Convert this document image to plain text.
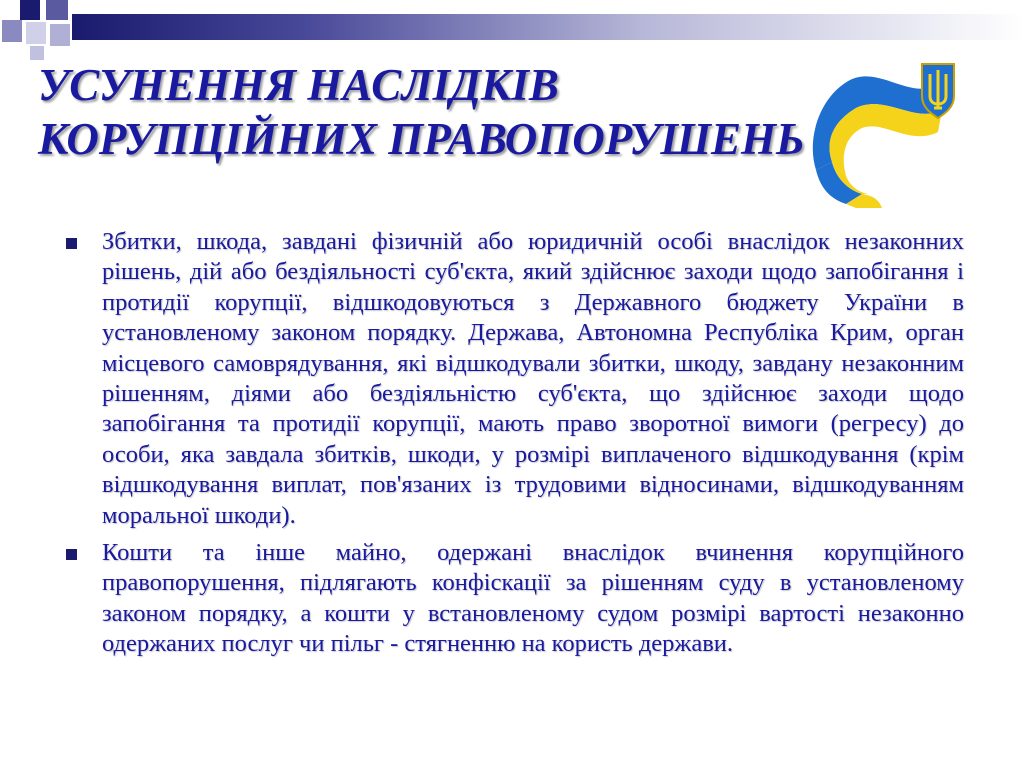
УСУНЕННЯ НАСЛІДКІВ
КОРУПЦІЙНИХ ПРАВОПОРУШЕНЬ
Збитки, шкода, завдані фізичній або юридичній особі внаслідок незаконних рішень, дій або бездіяльності суб'єкта, який здійснює заходи щодо запобігання і протидії корупції, відшкодовуються з Державного бюджету України в установленому законом порядку. Держава, Автономна Республіка Крим, орган місцевого самоврядування, які відшкодували збитки, шкоду, завдану незаконним рішенням, діями або бездіяльністю суб'єкта, що здійснює заходи щодо запобігання та протидії корупції, мають право зворотної вимоги (регресу) до особи, яка завдала збитків, шкоди, у розмірі виплаченого відшкодування (крім відшкодування виплат, пов'язаних із трудовими відносинами, відшкодуванням моральної шкоди).
Кошти та інше майно, одержані внаслідок вчинення корупційного правопорушення, підлягають конфіскації за рішенням суду в установленому законом порядку, а кошти у встановленому судом розмірі вартості незаконно одержаних послуг чи пільг - стягненню на користь держави.
